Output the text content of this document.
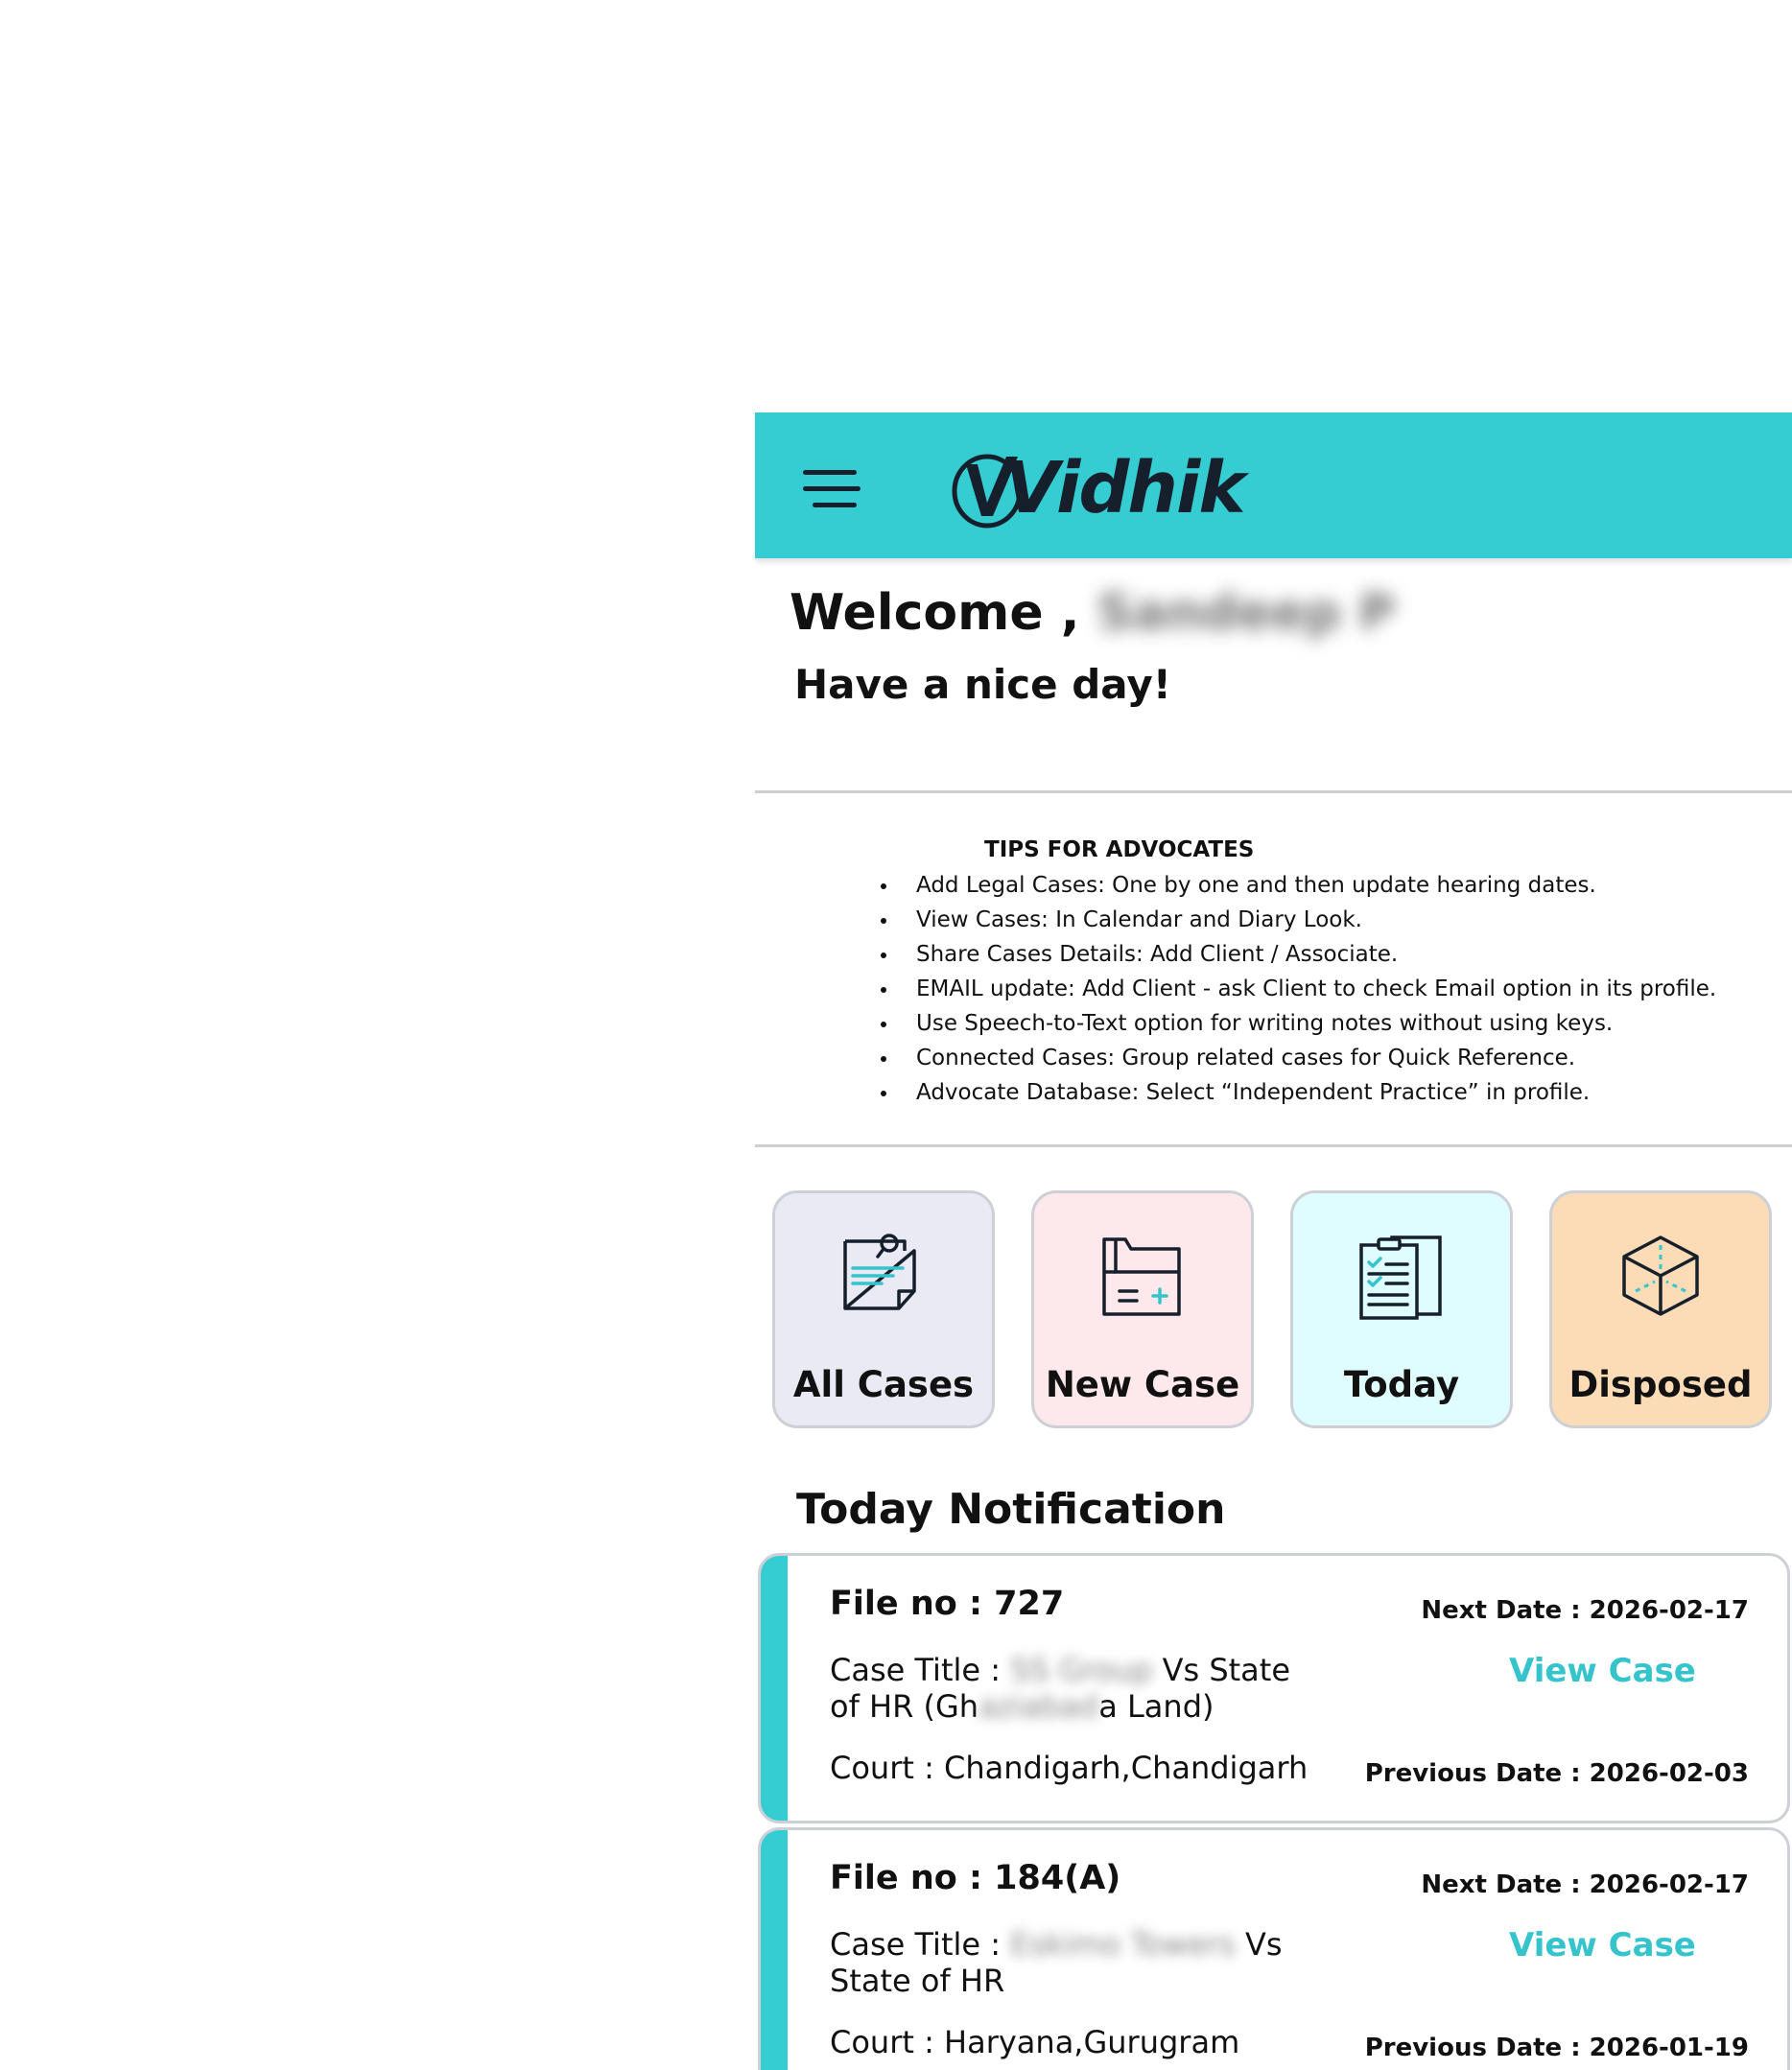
Vidhik
Welcome , Sandeep P
Have a nice day!
TIPS FOR ADVOCATES
• Add Legal Cases: One by one and then update hearing dates.
• View Cases: In Calendar and Diary Look.
• Share Cases Details: Add Client / Associate.
• EMAIL update: Add Client - ask Client to check Email option in its profile.
• Use Speech-to-Text option for writing notes without using keys.
• Connected Cases: Group related cases for Quick Reference.
• Advocate Database: Select “Independent Practice” in profile.
All Cases	New Case	Today	Disposed
Today Notification
File no : 727
Case Title : SS Group Vs State of HR (Ghaziabada Land)
Court : Chandigarh,Chandigarh
Next Date : 2026-02-17
View Case
Previous Date : 2026-02-03
File no : 184(A)
Case Title : Eskimo Towers Vs State of HR
Court : Haryana,Gurugram
Next Date : 2026-02-17
View Case
Previous Date : 2026-01-19
